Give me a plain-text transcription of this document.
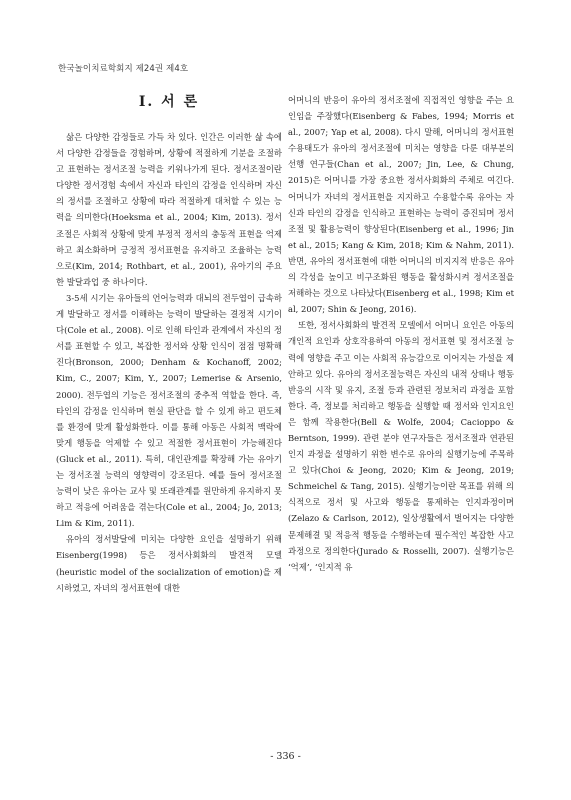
한국놀이치료학회지 제24권 제4호
I. 서 론

삶은 다양한 감정들로 가득 차 있다. 인간은 이러한 삶 속에서 다양한 감정들을 경험하며, 상황에 적절하게 기분을 조절하고 표현하는 정서조절 능력을 키워나가게 된다. 정서조절이란 다양한 정서경험 속에서 자신과 타인의 감정을 인식하며 자신의 정서를 조절하고 상황에 따라 적절하게 대처할 수 있는 능력을 의미한다(Hoeksma et al., 2004; Kim, 2013). 정서조절은 사회적 상황에 맞게 부정적 정서의 충동적 표현을 억제하고 최소화하며 긍정적 정서표현을 유지하고 조율하는 능력으로(Kim, 2014; Rothbart, et al., 2001), 유아기의 주요한 발달과업 중 하나이다.

3-5세 시기는 유아들의 언어능력과 대뇌의 전두엽이 급속하게 발달하고 정서를 이해하는 능력이 발달하는 결정적 시기이다(Cole et al., 2008). 이로 인해 타인과 관계에서 자신의 정서를 표현할 수 있고, 복잡한 정서와 상황 인식이 점점 명확해진다(Bronson, 2000; Denham & Kochanoff, 2002; Kim, C., 2007; Kim, Y., 2007; Lemerise & Arsenio, 2000). 전두엽의 기능은 정서조절의 중추적 역할을 한다. 즉, 타인의 감정을 인식하며 현실 판단을 할 수 있게 하고 편도체를 환경에 맞게 활성화한다. 이를 통해 아동은 사회적 맥락에 맞게 행동을 억제할 수 있고 적절한 정서표현이 가능해진다(Gluck et al., 2011). 특히, 대인관계를 확장해 가는 유아기는 정서조절 능력의 영향력이 강조된다. 예를 들어 정서조절 능력이 낮은 유아는 교사 및 또래관계를 원만하게 유지하지 못하고 적응에 어려움을 겪는다(Cole et al., 2004; Jo, 2013; Lim & Kim, 2011).

유아의 정서발달에 미치는 다양한 요인을 설명하기 위해 Eisenberg(1998) 등은 정서사회화의 발견적 모델(heuristic model of the socialization of emotion)을 제시하였고, 자녀의 정서표현에 대한

어머니의 반응이 유아의 정서조절에 직접적인 영향을 주는 요인임을 주장했다(Eisenberg & Fabes, 1994; Morris et al., 2007; Yap et al, 2008). 다시 말해, 어머니의 정서표현수용태도가 유아의 정서조절에 미치는 영향을 다룬 대부분의 선행 연구들(Chan et al., 2007; Jin, Lee, & Chung, 2015)은 어머니를 가장 중요한 정서사회화의 주체로 여긴다. 어머니가 자녀의 정서표현을 지지하고 수용할수록 유아는 자신과 타인의 감정을 인식하고 표현하는 능력이 증진되며 정서조절 및 활용능력이 향상된다(Eisenberg et al., 1996; Jin et al., 2015; Kang & Kim, 2018; Kim & Nahm, 2011). 반면, 유아의 정서표현에 대한 어머니의 비지지적 반응은 유아의 각성을 높이고 비구조화된 행동을 활성화시켜 정서조절을 저해하는 것으로 나타났다(Eisenberg et al., 1998; Kim et al, 2007; Shin & Jeong, 2016).

또한, 정서사회화의 발견적 모델에서 어머니 요인은 아동의 개인적 요인과 상호작용하여 아동의 정서표현 및 정서조절 능력에 영향을 주고 이는 사회적 유능감으로 이어지는 가설을 제안하고 있다. 유아의 정서조절능력은 자신의 내적 상태나 행동반응의 시작 및 유지, 조절 등과 관련된 정보처리 과정을 포함한다. 즉, 정보를 처리하고 행동을 실행할 때 정서와 인지요인은 함께 작용한다(Bell & Wolfe, 2004; Cacioppo & Berntson, 1999). 관련 분야 연구자들은 정서조절과 연관된 인지 과정을 설명하기 위한 변수로 유아의 실행기능에 주목하고 있다(Choi & Jeong, 2020; Kim & Jeong, 2019; Schmeichel & Tang, 2015). 실행기능이란 목표를 위해 의식적으로 정서 및 사고와 행동을 통제하는 인지과정이며(Zelazo & Carlson, 2012), 일상생활에서 벌어지는 다양한 문제해결 및 적응적 행동을 수행하는데 필수적인 복잡한 사고 과정으로 정의한다(Jurado & Rosselli, 2007). 실행기능은 ‘억제’, ‘인지적 유

- 336 -
